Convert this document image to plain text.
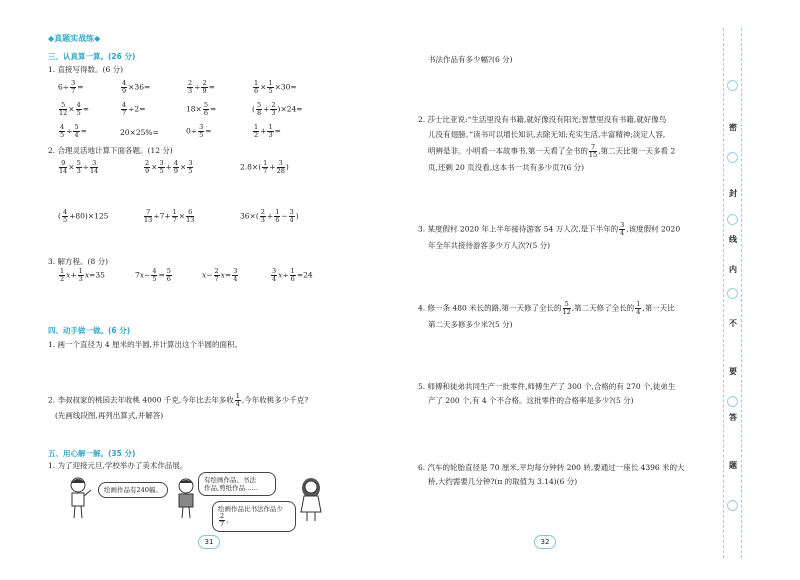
◆真题实战练◆
三、认真算一算。(26 分)
1. 直接写得数。(6 分)
$6\div \frac{3}{7}$ =	$\frac{4}{9} \times 36=$	$\frac{2}{3} \div \frac{2}{9}$ =	$\frac{1}{6} \times \frac{1}{5} \times 30=$
$\frac{5}{12} \times \frac{4}{5}$ =	$\frac{4}{7} \div 2=$	$18\times \frac{5}{6}$ =	( $\frac{5}{8} + \frac{2}{3} )\times 24=$
$\frac{4}{5} \div \frac{5}{4}$ =	20×25%=	$0\div \frac{3}{5}$ =	$\frac{1}{2} + \frac{1}{3}$ =
2. 合理灵活地计算下面各题。(12 分)
$\frac{9}{14} \times \frac{5}{3} \div \frac{3}{14}$	$\frac{2}{9} \times \frac{3}{5} + \frac{4}{9} \times \frac{3}{5}$	$2.8\times( \frac{1}{7} + \frac{3}{28}$ )
( $\frac{4}{5} +80)\times 125$	$\frac{7}{13} \div 7+ \frac{1}{7} \times \frac{6}{13}$	$36\times( \frac{2}{3} + \frac{1}{6} - \frac{3}{4}$ )
3. 解方程。(8 分)
$\frac{1}{2} x+ \frac{1}{3} x=35$	$7x- \frac{4}{5} = \frac{5}{6}$	$x- \frac{2}{7} x= \frac{3}{4}$	$\frac{3}{4} x\div \frac{1}{6} =24$
四、动手做一做。(6 分)
1. 画一个直径为 4 厘米的半圆,并计算出这个半圆的面积。
2. 李叔叔家的桃园去年收桃 4000 千克,今年比去年多收 $\frac{1}{4}$ ,今年收桃多少千克?
(先画线段图,再列出算式,并解答)
五、用心解一解。(35 分)
1. 为了迎接元旦,学校举办了美术作品展。
绘画作品有240幅。
有绘画作品、书法
作品,剪纸作品……
绘画作品比书法作品少
$\frac{2}{7}$ 。
31
书法作品有多少幅?(6 分)
2. 莎士比亚说:“生活里没有书籍,就好像没有阳光;智慧里没有书籍,就好像鸟
儿没有翅膀。”读书可以增长知识,去除无知;充实生活,丰富精神;淡定人容,
明辨是非。小明看一本故事书,第一天看了全书的 $\frac{7}{15}$ ,第二天比第一天多看 2
页,还剩 20 页没看,这本书一共有多少页?(6 分)
3. 某度假村 2020 年上半年接待游客 54 万人次,是下半年的 $\frac{3}{4}$ ,该度假村 2020
年全年共接待游客多少万人次?(5 分)
4. 修一条 480 米长的路,第一天修了全长的 $\frac{5}{12}$ ,第二天修了全长的 $\frac{1}{4}$ ,第一天比
第二天多修多少米?(5 分)
5. 师傅和徒弟共同生产一批零件,师傅生产了 300 个,合格的有 270 个,徒弟生
产了 200 个,有 4 个不合格。这批零件的合格率是多少?(5 分)
6. 汽车的轮胎直径是 70 厘米,平均每分钟转 200 转,要通过一座长 4396 米的大
桥,大约需要几分钟?(π 的取值为 3.14)(6 分)
32
密
封
线
内
不
要
答
题
